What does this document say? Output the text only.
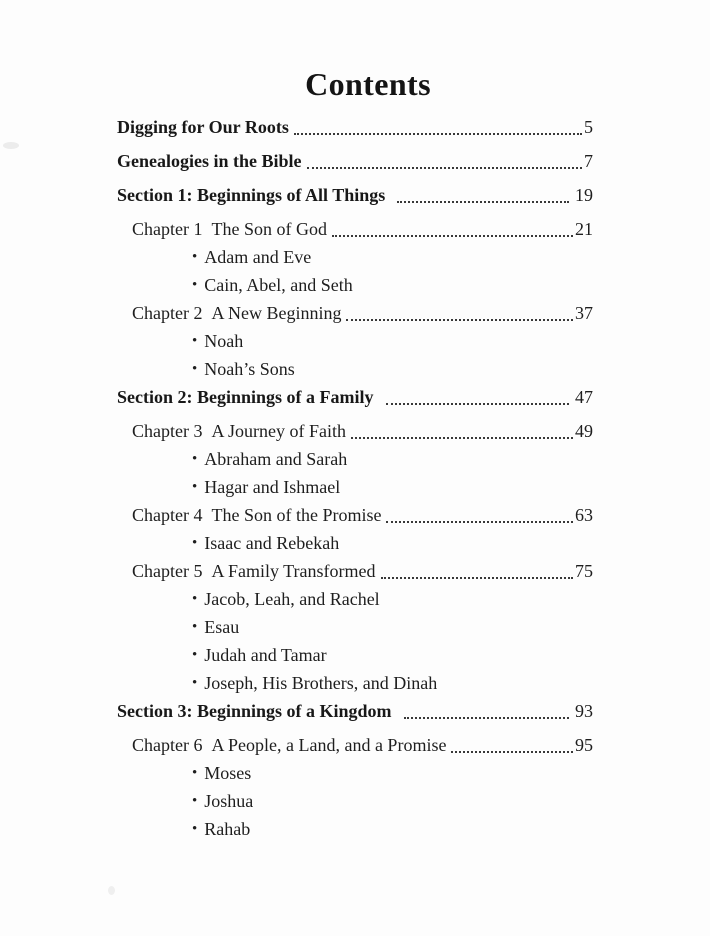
Contents
Digging for Our Roots	5
Genealogies in the Bible	7
Section 1: Beginnings of All Things	19
Chapter 1 The Son of God	21
• Adam and Eve
• Cain, Abel, and Seth
Chapter 2 A New Beginning	37
• Noah
• Noah’s Sons
Section 2: Beginnings of a Family	47
Chapter 3 A Journey of Faith	49
• Abraham and Sarah
• Hagar and Ishmael
Chapter 4 The Son of the Promise	63
• Isaac and Rebekah
Chapter 5 A Family Transformed	75
• Jacob, Leah, and Rachel
• Esau
• Judah and Tamar
• Joseph, His Brothers, and Dinah
Section 3: Beginnings of a Kingdom	93
Chapter 6 A People, a Land, and a Promise	95
• Moses
• Joshua
• Rahab
